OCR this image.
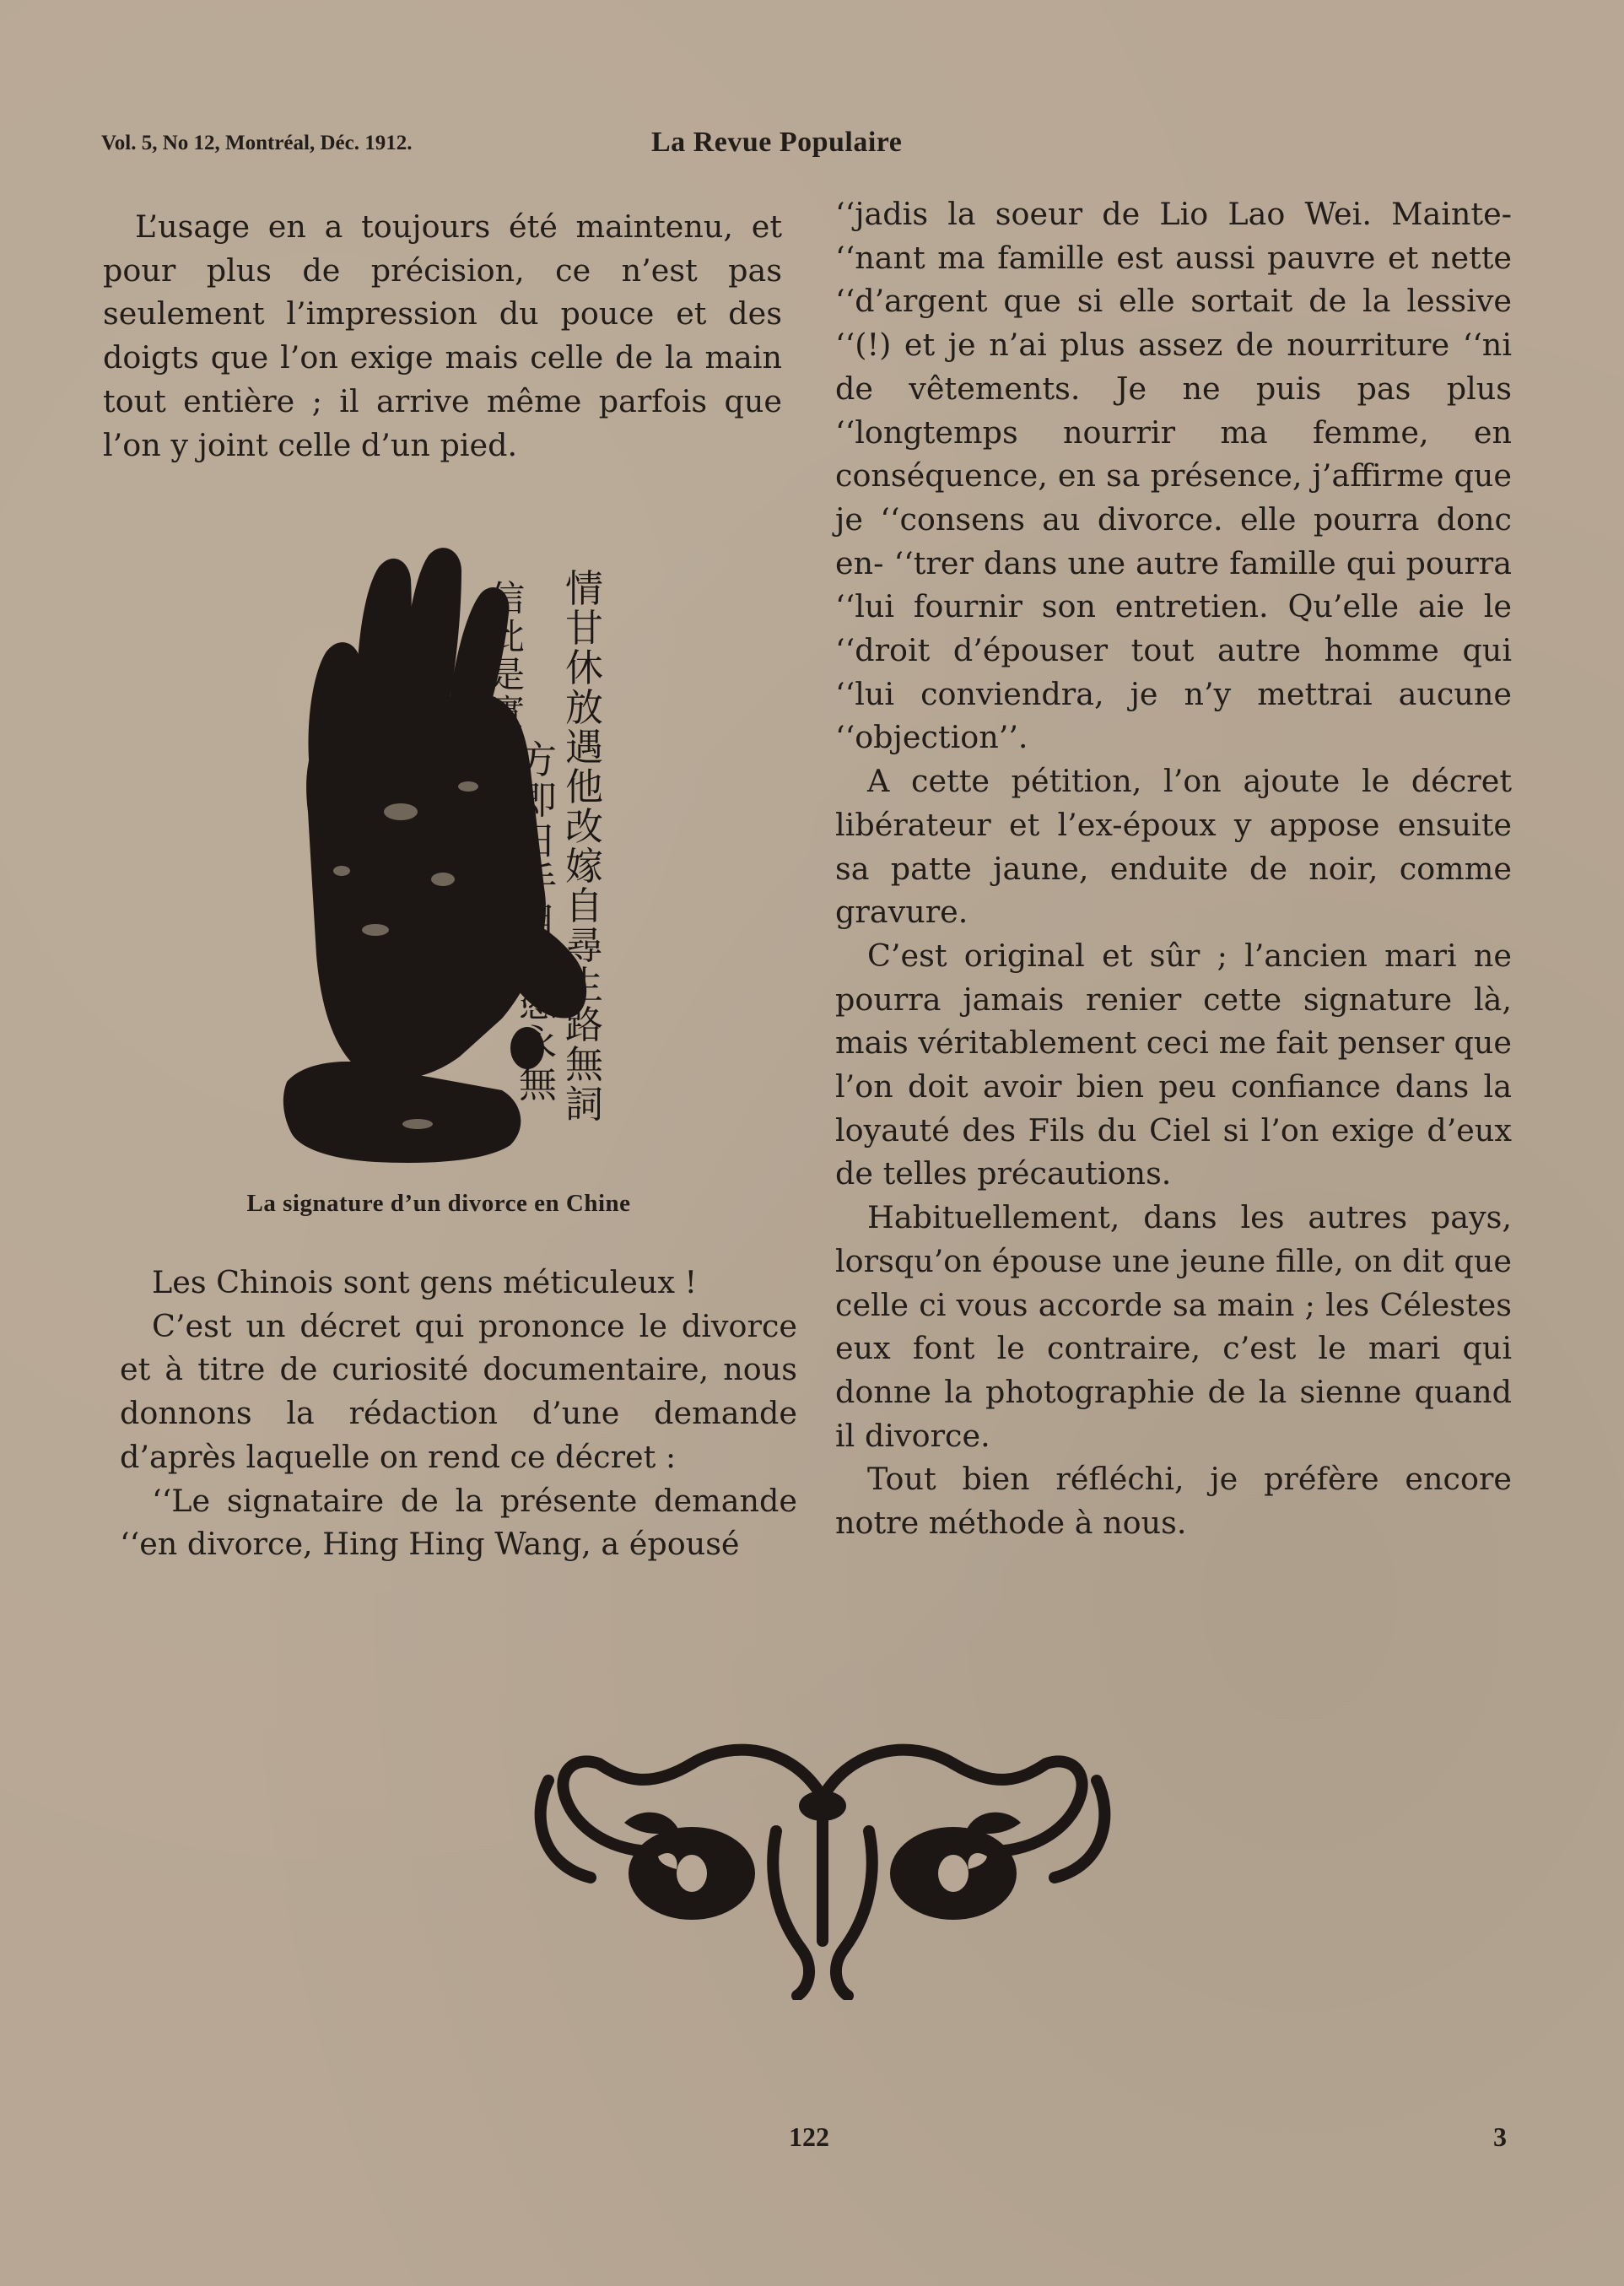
Vol. 5, No 12, Montréal, Déc. 1912.	La Revue Populaire

L’usage en a toujours été maintenu, et pour plus de précision, ce n’est pas seulement l’impression du pouce et des doigts que l’on exige mais celle de la main tout entière ; il arrive même parfois que l’on y joint celle d’un pied.

情甘休放遇他改嫁自尋生路無詞
方即日手目爲憑永無
信此是實
La signature d’un divorce en Chine

Les Chinois sont gens méticuleux !

C’est un décret qui prononce le divorce et à titre de curiosité documentaire, nous donnons la rédaction d’une demande d’après laquelle on rend ce décret :

‘‘Le signataire de la présente demande ‘‘en divorce, Hing Hing Wang, a épousé

‘‘jadis la soeur de Lio Lao Wei. Mainte- ‘‘nant ma famille est aussi pauvre et nette ‘‘d’argent que si elle sortait de la lessive ‘‘(!) et je n’ai plus assez de nourriture ‘‘ni de vêtements. Je ne puis pas plus ‘‘longtemps nourrir ma femme, en conséquence, en sa présence, j’affirme que je ‘‘consens au divorce. elle pourra donc en- ‘‘trer dans une autre famille qui pourra ‘‘lui fournir son entretien. Qu’elle aie le ‘‘droit d’épouser tout autre homme qui ‘‘lui conviendra, je n’y mettrai aucune ‘‘objection’’.

A cette pétition, l’on ajoute le décret libérateur et l’ex-époux y appose ensuite sa patte jaune, enduite de noir, comme gravure.

C’est original et sûr ; l’ancien mari ne pourra jamais renier cette signature là, mais véritablement ceci me fait penser que l’on doit avoir bien peu confiance dans la loyauté des Fils du Ciel si l’on exige d’eux de telles précautions.

Habituellement, dans les autres pays, lorsqu’on épouse une jeune fille, on dit que celle ci vous accorde sa main ; les Célestes eux font le contraire, c’est le mari qui donne la photographie de la sienne quand il divorce.

Tout bien réfléchi, je préfère encore notre méthode à nous.

122	3
